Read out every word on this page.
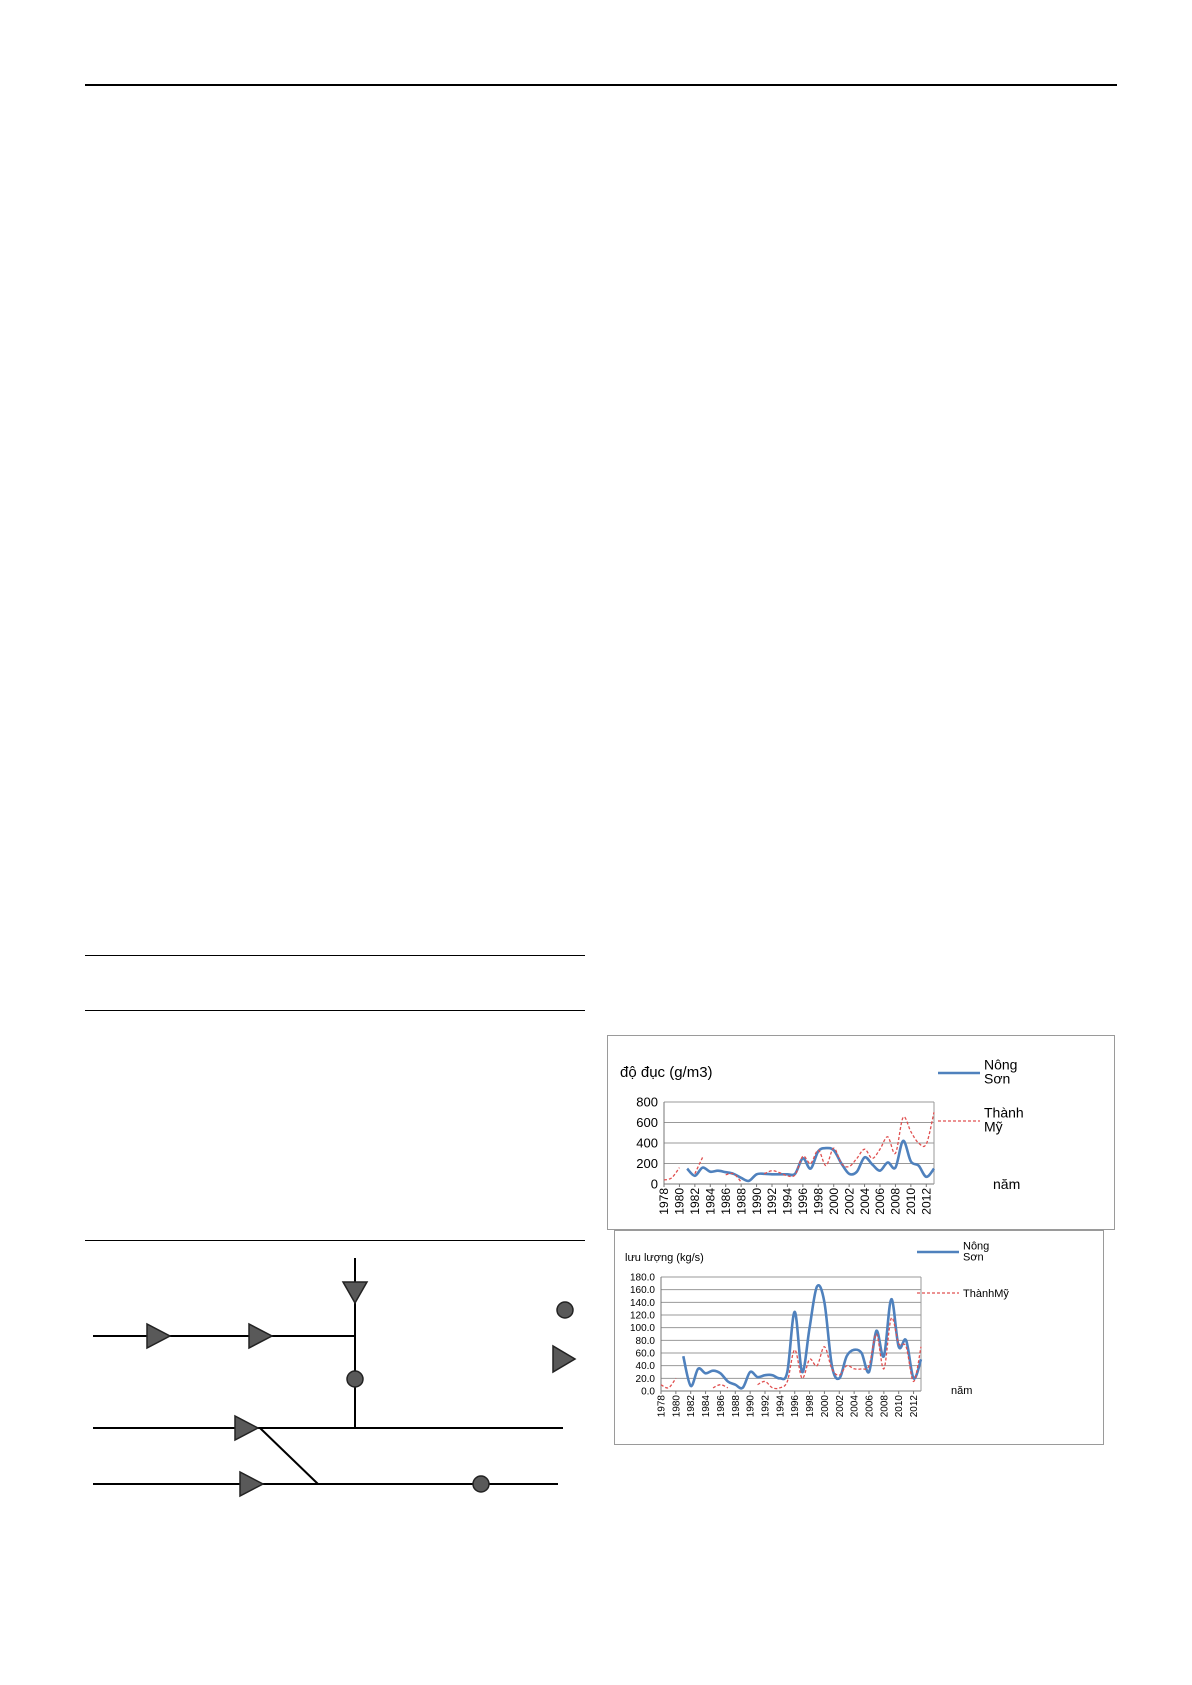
độ đục (g/m3)
0
200
400
600
800
1978 1980 1982 1984 1986 1988 1990 1992 1994 1996 1998 2000 2002 2004 2006 2008 2010 2012
năm
Nông Sơn
Thành Mỹ
lưu lượng (kg/s)
0.0
20.0
40.0
60.0
80.0
100.0
120.0
140.0
160.0
180.0
1978 1980 1982 1984 1986 1988 1990 1992 1994 1996 1998 2000 2002 2004 2006 2008 2010 2012
năm
Nông Sơn
ThànhMỹ
